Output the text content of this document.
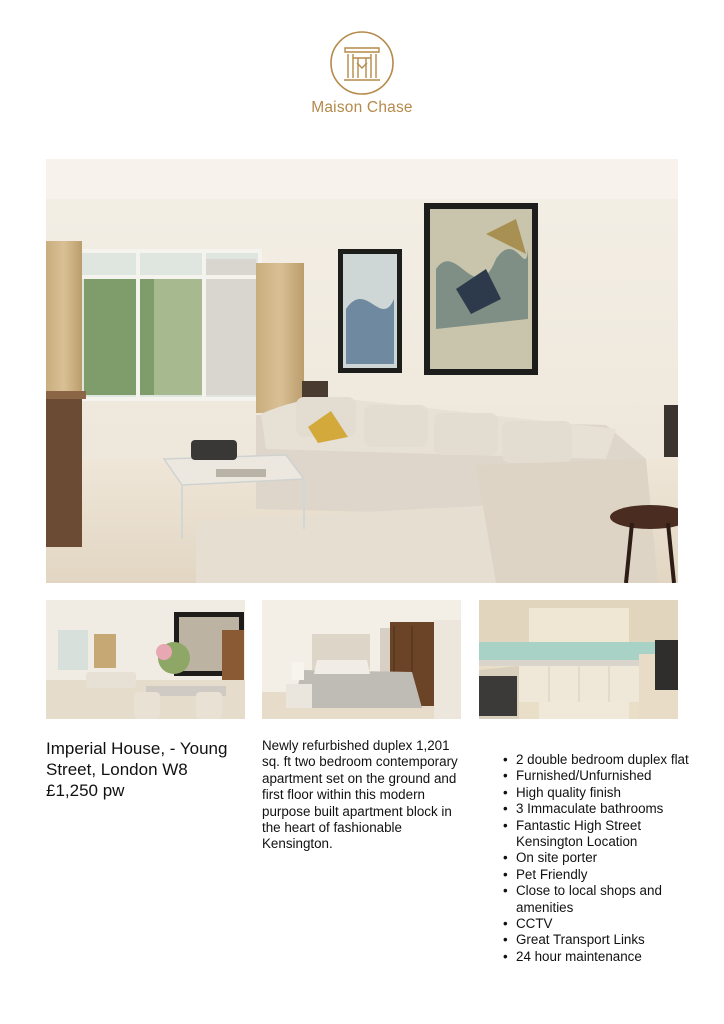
Maison Chase
Imperial House, - Young
Street, London W8
£1,250 pw
Newly refurbished duplex 1,201 sq. ft two bedroom contemporary apartment set on the ground and first floor within this modern purpose built apartment block in the heart of fashionable Kensington.
• 2 double bedroom duplex flat
• Furnished/Unfurnished
• High quality finish
• 3 Immaculate bathrooms
• Fantastic High Street Kensington Location
• On site porter
• Pet Friendly
• Close to local shops and amenities
• CCTV
• Great Transport Links
• 24 hour maintenance
